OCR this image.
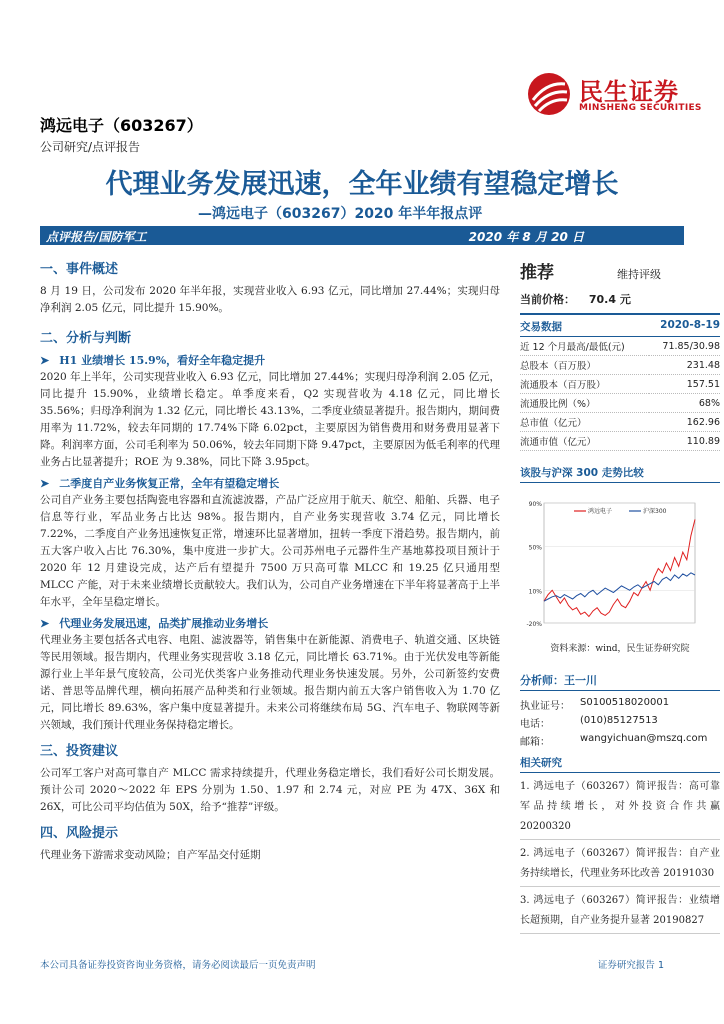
鸿远电子（603267）
公司研究/点评报告
民生证券
MINSHENG SECURITIES
代理业务发展迅速，全年业绩有望稳定增长
—鸿远电子（603267）2020 年半年报点评
点评报告/国防军工	2020 年 8 月 20 日
一、事件概述
8 月 19 日，公司发布 2020 年半年报，实现营业收入 6.93 亿元，同比增加 27.44%；实现归母净利润 2.05 亿元，同比提升 15.90%。
二、分析与判断
➤ H1 业绩增长 15.9%，看好全年稳定提升
2020 年上半年，公司实现营业收入 6.93 亿元，同比增加 27.44%；实现归母净利润 2.05 亿元，同比提升 15.90%，业绩增长稳定。单季度来看，Q2 实现营收为 4.18 亿元，同比增长 35.56%；归母净利润为 1.32 亿元，同比增长 43.13%，二季度业绩显著提升。报告期内，期间费用率为 11.72%，较去年同期的 17.74%下降 6.02pct，主要原因为销售费用和财务费用显著下降。利润率方面，公司毛利率为 50.06%，较去年同期下降 9.47pct，主要原因为低毛利率的代理业务占比显著提升；ROE 为 9.38%，同比下降 3.95pct。
➤ 二季度自产业务恢复正常，全年有望稳定增长
公司自产业务主要包括陶瓷电容器和直流滤波器，产品广泛应用于航天、航空、船舶、兵器、电子信息等行业，军品业务占比达 98%。报告期内，自产业务实现营收 3.74 亿元，同比增长 7.22%，二季度自产业务迅速恢复正常，增速环比显著增加，扭转一季度下滑趋势。报告期内，前五大客户收入占比 76.30%，集中度进一步扩大。公司苏州电子元器件生产基地募投项目预计于 2020 年 12 月建设完成，达产后有望提升 7500 万只高可靠 MLCC 和 19.25 亿只通用型 MLCC 产能，对于未来业绩增长贡献较大。我们认为，公司自产业务增速在下半年将显著高于上半年水平，全年呈稳定增长。
➤ 代理业务发展迅速，品类扩展推动业务增长
代理业务主要包括各式电容、电阻、滤波器等，销售集中在新能源、消费电子、轨道交通、区块链等民用领域。报告期内，代理业务实现营收 3.18 亿元，同比增长 63.71%。由于光伏发电等新能源行业上半年景气度较高，公司光伏类客户业务推动代理业务快速发展。另外，公司新签约安费诺、普思等品牌代理，横向拓展产品种类和行业领域。报告期内前五大客户销售收入为 1.70 亿元，同比增长 89.63%，客户集中度显著提升。未来公司将继续布局 5G、汽车电子、物联网等新兴领域，我们预计代理业务保持稳定增长。
三、投资建议
公司军工客户对高可靠自产 MLCC 需求持续提升，代理业务稳定增长，我们看好公司长期发展。预计公司 2020～2022 年 EPS 分别为 1.50、1.97 和 2.74 元，对应 PE 为 47X、36X 和 26X，可比公司平均估值为 50X，给予“推荐”评级。
四、风险提示
代理业务下游需求变动风险；自产军品交付延期
推荐	维持评级
当前价格： 70.4 元
交易数据	2020-8-19
近 12 个月最高/最低(元)	71.85/30.98
总股本（百万股）	231.48
流通股本（百万股）	157.51
流通股比例（%）	68%
总市值（亿元）	162.96
流通市值（亿元）	110.89
该股与沪深 300 走势比较
90%
50%
10%
-20%
鸿远电子	沪深300
资料来源：wind，民生证券研究院
分析师：王一川
执业证号：	S0100518020001
电话：	(010)85127513
邮箱：	wangyichuan@mszq.com
相关研究
1. 鸿远电子（603267）简评报告：高可靠军品持续增长，对外投资合作共赢 20200320
2. 鸿远电子（603267）简评报告：自产业务持续增长，代理业务环比改善 20191030
3. 鸿远电子（603267）简评报告：业绩增长超预期，自产业务提升显著 20190827
本公司具备证券投资咨询业务资格，请务必阅读最后一页免责声明	证券研究报告 1
